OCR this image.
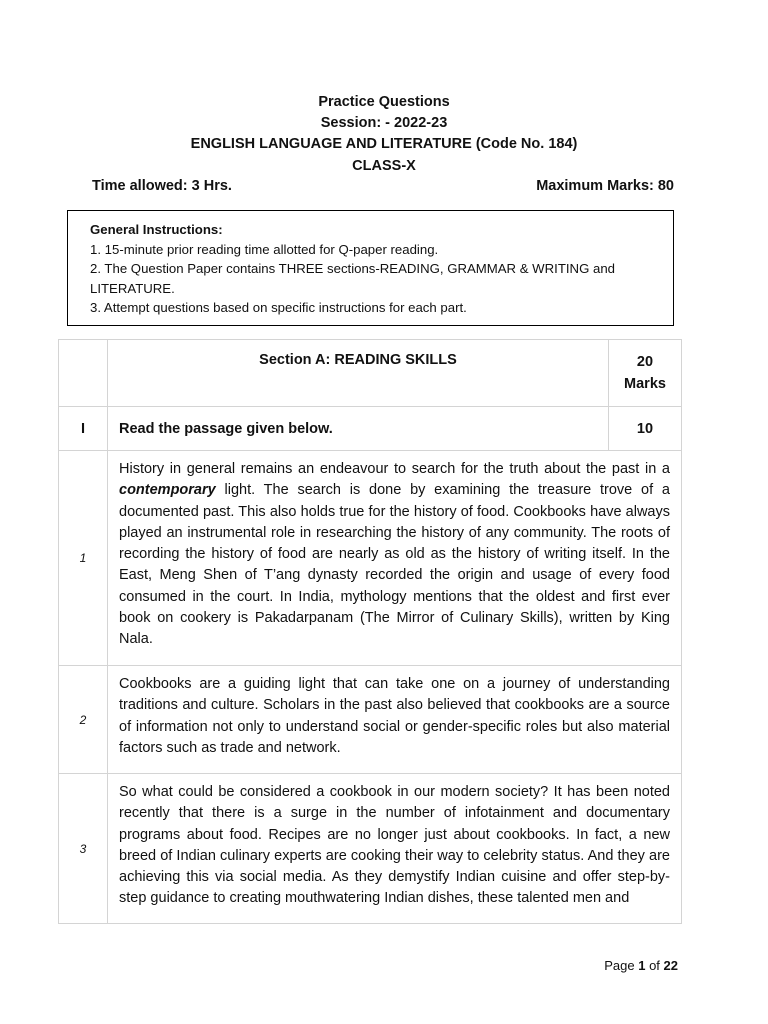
Practice Questions
Session: - 2022-23
ENGLISH LANGUAGE AND LITERATURE (Code No. 184)
CLASS-X
Time allowed: 3 Hrs.	Maximum Marks: 80
General Instructions:
1. 15-minute prior reading time allotted for Q-paper reading.
2. The Question Paper contains THREE sections-READING, GRAMMAR & WRITING and LITERATURE.
3. Attempt questions based on specific instructions for each part.
	Section A: READING SKILLS	20
Marks

I	Read the passage given below.	10
1	History in general remains an endeavour to search for the truth about the past in a contemporary light. The search is done by examining the treasure trove of a documented past. This also holds true for the history of food. Cookbooks have always played an instrumental role in researching the history of any community. The roots of recording the history of food are nearly as old as the history of writing itself. In the East, Meng Shen of T’ang dynasty recorded the origin and usage of every food consumed in the court. In India, mythology mentions that the oldest and first ever book on cookery is Pakadarpanam (The Mirror of Culinary Skills), written by King Nala.	
2	Cookbooks are a guiding light that can take one on a journey of understanding traditions and culture. Scholars in the past also believed that cookbooks are a source of information not only to understand social or gender-specific roles but also material factors such as trade and network.	
3	So what could be considered a cookbook in our modern society? It has been noted recently that there is a surge in the number of infotainment and documentary programs about food. Recipes are no longer just about cookbooks. In fact, a new breed of Indian culinary experts are cooking their way to celebrity status. And they are achieving this via social media. As they demystify Indian cuisine and offer step-by-step guidance to creating mouthwatering Indian dishes, these talented men and	
Page 1 of 22
